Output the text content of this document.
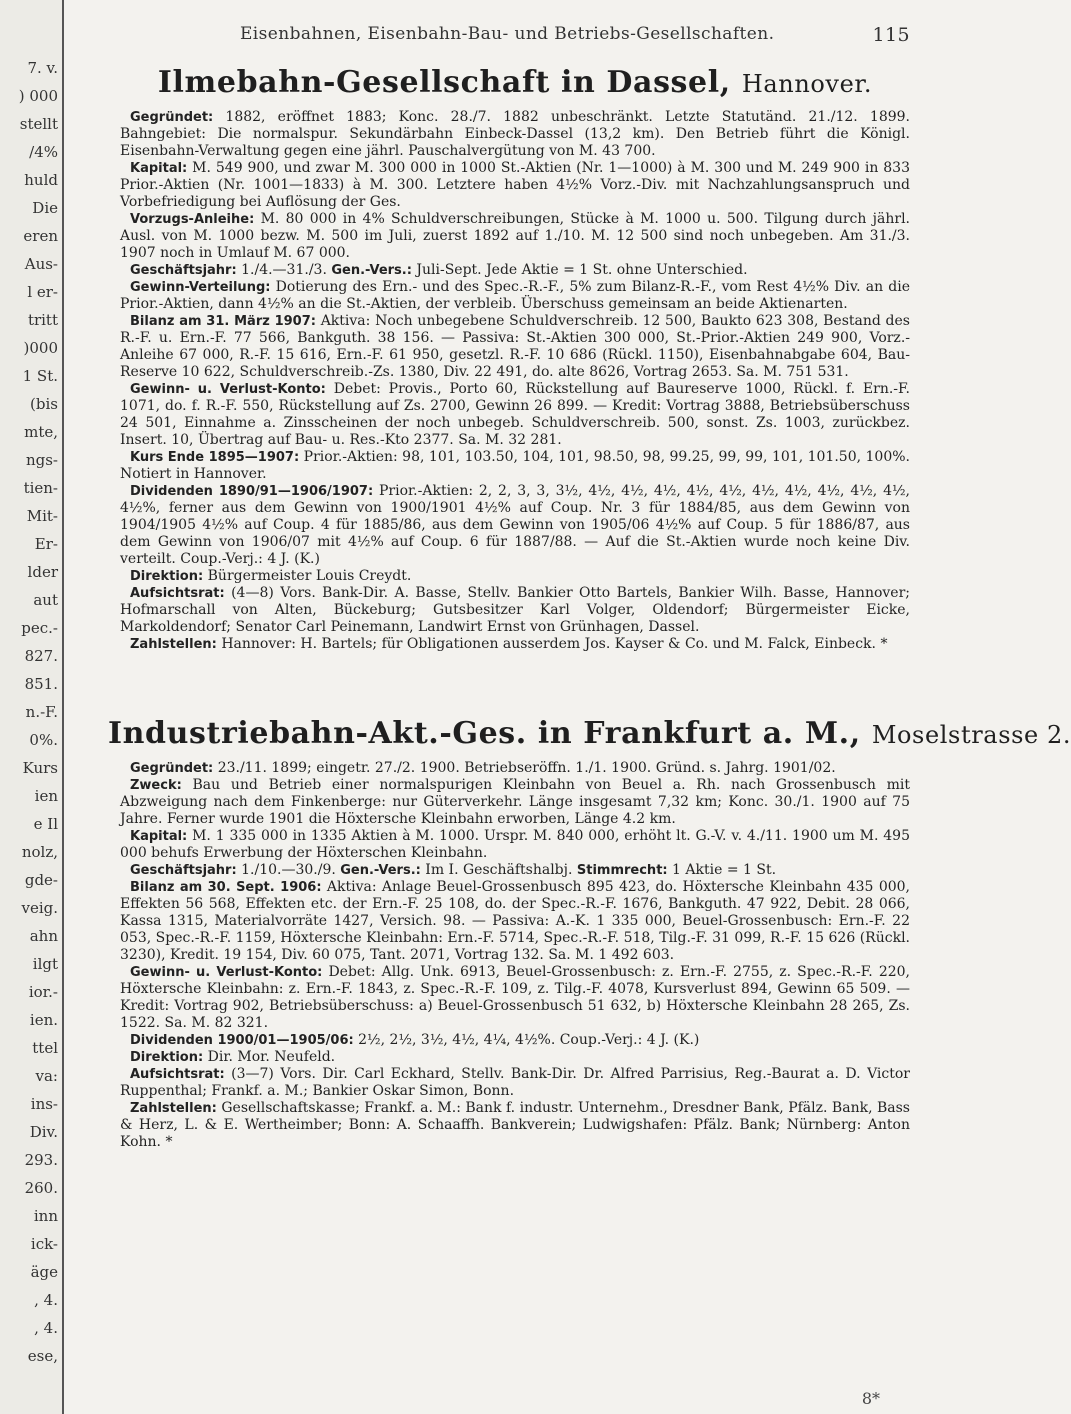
7. v.
) 000
stellt
/4%
huld
Die
eren
Aus-
l er-
tritt
)000
1 St.
(bis
mte,
ngs-
tien-
Mit-
Er-
lder
aut
pec.-
827.
851.
n.-F.
0%.
Kurs
ien
e Il
nolz,
gde-
veig.
ahn
ilgt
ior.-
ien.
ttel
va:
ins-
Div.
293.
260.
inn
ick-
äge
, 4.
, 4.
ese,
Eisenbahnen, Eisenbahn-Bau- und Betriebs-Gesellschaften.	115
Ilmebahn-Gesellschaft in Dassel, Hannover.

Gegründet: 1882, eröffnet 1883; Konc. 28./7. 1882 unbeschränkt. Letzte Statutänd. 21./12. 1899. Bahngebiet: Die normalspur. Sekundärbahn Einbeck-Dassel (13,2 km). Den Betrieb führt die Königl. Eisenbahn-Verwaltung gegen eine jährl. Pauschalvergütung von M. 43 700.

Kapital: M. 549 900, und zwar M. 300 000 in 1000 St.-Aktien (Nr. 1—1000) à M. 300 und M. 249 900 in 833 Prior.-Aktien (Nr. 1001—1833) à M. 300. Letztere haben 4½% Vorz.-Div. mit Nachzahlungsanspruch und Vorbefriedigung bei Auflösung der Ges.

Vorzugs-Anleihe: M. 80 000 in 4% Schuldverschreibungen, Stücke à M. 1000 u. 500. Tilgung durch jährl. Ausl. von M. 1000 bezw. M. 500 im Juli, zuerst 1892 auf 1./10. M. 12 500 sind noch unbegeben. Am 31./3. 1907 noch in Umlauf M. 67 000.

Geschäftsjahr: 1./4.—31./3. Gen.-Vers.: Juli-Sept. Jede Aktie = 1 St. ohne Unterschied.

Gewinn-Verteilung: Dotierung des Ern.- und des Spec.-R.-F., 5% zum Bilanz-R.-F., vom Rest 4½% Div. an die Prior.-Aktien, dann 4½% an die St.-Aktien, der verbleib. Überschuss gemeinsam an beide Aktienarten.

Bilanz am 31. März 1907: Aktiva: Noch unbegebene Schuldverschreib. 12 500, Baukto 623 308, Bestand des R.-F. u. Ern.-F. 77 566, Bankguth. 38 156. — Passiva: St.-Aktien 300 000, St.-Prior.-Aktien 249 900, Vorz.-Anleihe 67 000, R.-F. 15 616, Ern.-F. 61 950, gesetzl. R.-F. 10 686 (Rückl. 1150), Eisenbahnabgabe 604, Bau-Reserve 10 622, Schuldverschreib.-Zs. 1380, Div. 22 491, do. alte 8626, Vortrag 2653. Sa. M. 751 531.

Gewinn- u. Verlust-Konto: Debet: Provis., Porto 60, Rückstellung auf Baureserve 1000, Rückl. f. Ern.-F. 1071, do. f. R.-F. 550, Rückstellung auf Zs. 2700, Gewinn 26 899. — Kredit: Vortrag 3888, Betriebsüberschuss 24 501, Einnahme a. Zinsscheinen der noch unbegeb. Schuldverschreib. 500, sonst. Zs. 1003, zurückbez. Insert. 10, Übertrag auf Bau- u. Res.-Kto 2377. Sa. M. 32 281.

Kurs Ende 1895—1907: Prior.-Aktien: 98, 101, 103.50, 104, 101, 98.50, 98, 99.25, 99, 99, 101, 101.50, 100%. Notiert in Hannover.

Dividenden 1890/91—1906/1907: Prior.-Aktien: 2, 2, 3, 3, 3½, 4½, 4½, 4½, 4½, 4½, 4½, 4½, 4½, 4½, 4½, 4½%, ferner aus dem Gewinn von 1900/1901 4½% auf Coup. Nr. 3 für 1884/85, aus dem Gewinn von 1904/1905 4½% auf Coup. 4 für 1885/86, aus dem Gewinn von 1905/06 4½% auf Coup. 5 für 1886/87, aus dem Gewinn von 1906/07 mit 4½% auf Coup. 6 für 1887/88. — Auf die St.-Aktien wurde noch keine Div. verteilt. Coup.-Verj.: 4 J. (K.)

Direktion: Bürgermeister Louis Creydt.

Aufsichtsrat: (4—8) Vors. Bank-Dir. A. Basse, Stellv. Bankier Otto Bartels, Bankier Wilh. Basse, Hannover; Hofmarschall von Alten, Bückeburg; Gutsbesitzer Karl Volger, Oldendorf; Bürgermeister Eicke, Markoldendorf; Senator Carl Peinemann, Landwirt Ernst von Grünhagen, Dassel.

Zahlstellen: Hannover: H. Bartels; für Obligationen ausserdem Jos. Kayser & Co. und M. Falck, Einbeck. *

Industriebahn-Akt.-Ges. in Frankfurt a. M., Moselstrasse 2.

Gegründet: 23./11. 1899; eingetr. 27./2. 1900. Betriebseröffn. 1./1. 1900. Gründ. s. Jahrg. 1901/02.

Zweck: Bau und Betrieb einer normalspurigen Kleinbahn von Beuel a. Rh. nach Grossenbusch mit Abzweigung nach dem Finkenberge: nur Güterverkehr. Länge insgesamt 7,32 km; Konc. 30./1. 1900 auf 75 Jahre. Ferner wurde 1901 die Höxtersche Kleinbahn erworben, Länge 4.2 km.

Kapital: M. 1 335 000 in 1335 Aktien à M. 1000. Urspr. M. 840 000, erhöht lt. G.-V. v. 4./11. 1900 um M. 495 000 behufs Erwerbung der Höxterschen Kleinbahn.

Geschäftsjahr: 1./10.—30./9. Gen.-Vers.: Im I. Geschäftshalbj. Stimmrecht: 1 Aktie = 1 St.

Bilanz am 30. Sept. 1906: Aktiva: Anlage Beuel-Grossenbusch 895 423, do. Höxtersche Kleinbahn 435 000, Effekten 56 568, Effekten etc. der Ern.-F. 25 108, do. der Spec.-R.-F. 1676, Bankguth. 47 922, Debit. 28 066, Kassa 1315, Materialvorräte 1427, Versich. 98. — Passiva: A.-K. 1 335 000, Beuel-Grossenbusch: Ern.-F. 22 053, Spec.-R.-F. 1159, Höxtersche Kleinbahn: Ern.-F. 5714, Spec.-R.-F. 518, Tilg.-F. 31 099, R.-F. 15 626 (Rückl. 3230), Kredit. 19 154, Div. 60 075, Tant. 2071, Vortrag 132. Sa. M. 1 492 603.

Gewinn- u. Verlust-Konto: Debet: Allg. Unk. 6913, Beuel-Grossenbusch: z. Ern.-F. 2755, z. Spec.-R.-F. 220, Höxtersche Kleinbahn: z. Ern.-F. 1843, z. Spec.-R.-F. 109, z. Tilg.-F. 4078, Kursverlust 894, Gewinn 65 509. — Kredit: Vortrag 902, Betriebsüberschuss: a) Beuel-Grossenbusch 51 632, b) Höxtersche Kleinbahn 28 265, Zs. 1522. Sa. M. 82 321.

Dividenden 1900/01—1905/06: 2½, 2½, 3½, 4½, 4¼, 4½%. Coup.-Verj.: 4 J. (K.)

Direktion: Dir. Mor. Neufeld.

Aufsichtsrat: (3—7) Vors. Dir. Carl Eckhard, Stellv. Bank-Dir. Dr. Alfred Parrisius, Reg.-Baurat a. D. Victor Ruppenthal; Frankf. a. M.; Bankier Oskar Simon, Bonn.

Zahlstellen: Gesellschaftskasse; Frankf. a. M.: Bank f. industr. Unternehm., Dresdner Bank, Pfälz. Bank, Bass & Herz, L. & E. Wertheimber; Bonn: A. Schaaffh. Bankverein; Ludwigshafen: Pfälz. Bank; Nürnberg: Anton Kohn. *

8*
